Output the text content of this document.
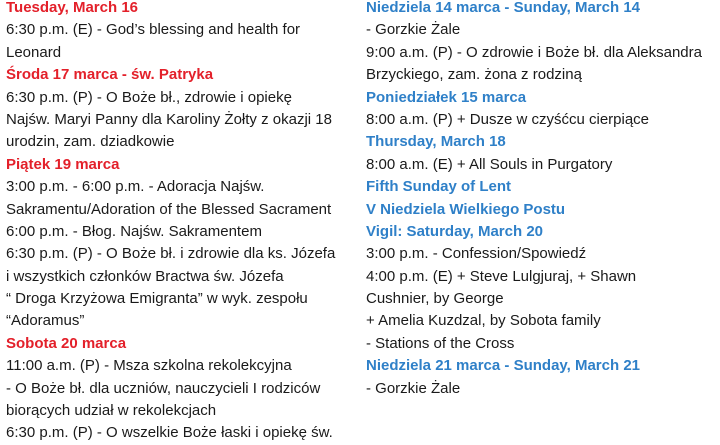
Tuesday, March 16
6:30 p.m. (E) - God’s blessing and health for
Leonard
Środa 17 marca - św. Patryka
6:30 p.m. (P) - O Boże bł., zdrowie i opiekę
Najśw. Maryi Panny dla Karoliny Żołty z okazji 18
urodzin, zam. dziadkowie
Piątek 19 marca
3:00 p.m. - 6:00 p.m. - Adoracja Najśw.
Sakramentu/Adoration of the Blessed Sacrament
6:00 p.m. - Błog. Najśw. Sakramentem
6:30 p.m. (P) - O Boże bł. i zdrowie dla ks. Józefa
i wszystkich członków Bractwa św. Józefa
“ Droga Krzyżowa Emigranta” w wyk. zespołu
“Adoramus”
Sobota 20 marca
11:00 a.m. (P) - Msza szkolna rekolekcyjna
- O Boże bł. dla uczniów, nauczycieli I rodziców
biorących udział w rekolekcjach
6:30 p.m. (P) - O wszelkie Boże łaski i opiekę św.
Niedziela 14 marca - Sunday, March 14
- Gorzkie Żale
9:00 a.m. (P) - O zdrowie i Boże bł. dla Aleksandra
Brzyckiego, zam. żona z rodziną
Poniedziałek 15 marca
8:00 a.m. (P) + Dusze w czyśćcu cierpiące
Thursday, March 18
8:00 a.m. (E) + All Souls in Purgatory
Fifth Sunday of Lent
V Niedziela Wielkiego Postu
Vigil: Saturday, March 20
3:00 p.m. - Confession/Spowiedź
4:00 p.m. (E) + Steve Lulgjuraj, + Shawn
Cushnier, by George
+ Amelia Kuzdzal, by Sobota family
- Stations of the Cross
Niedziela 21 marca - Sunday, March 21
- Gorzkie Żale
